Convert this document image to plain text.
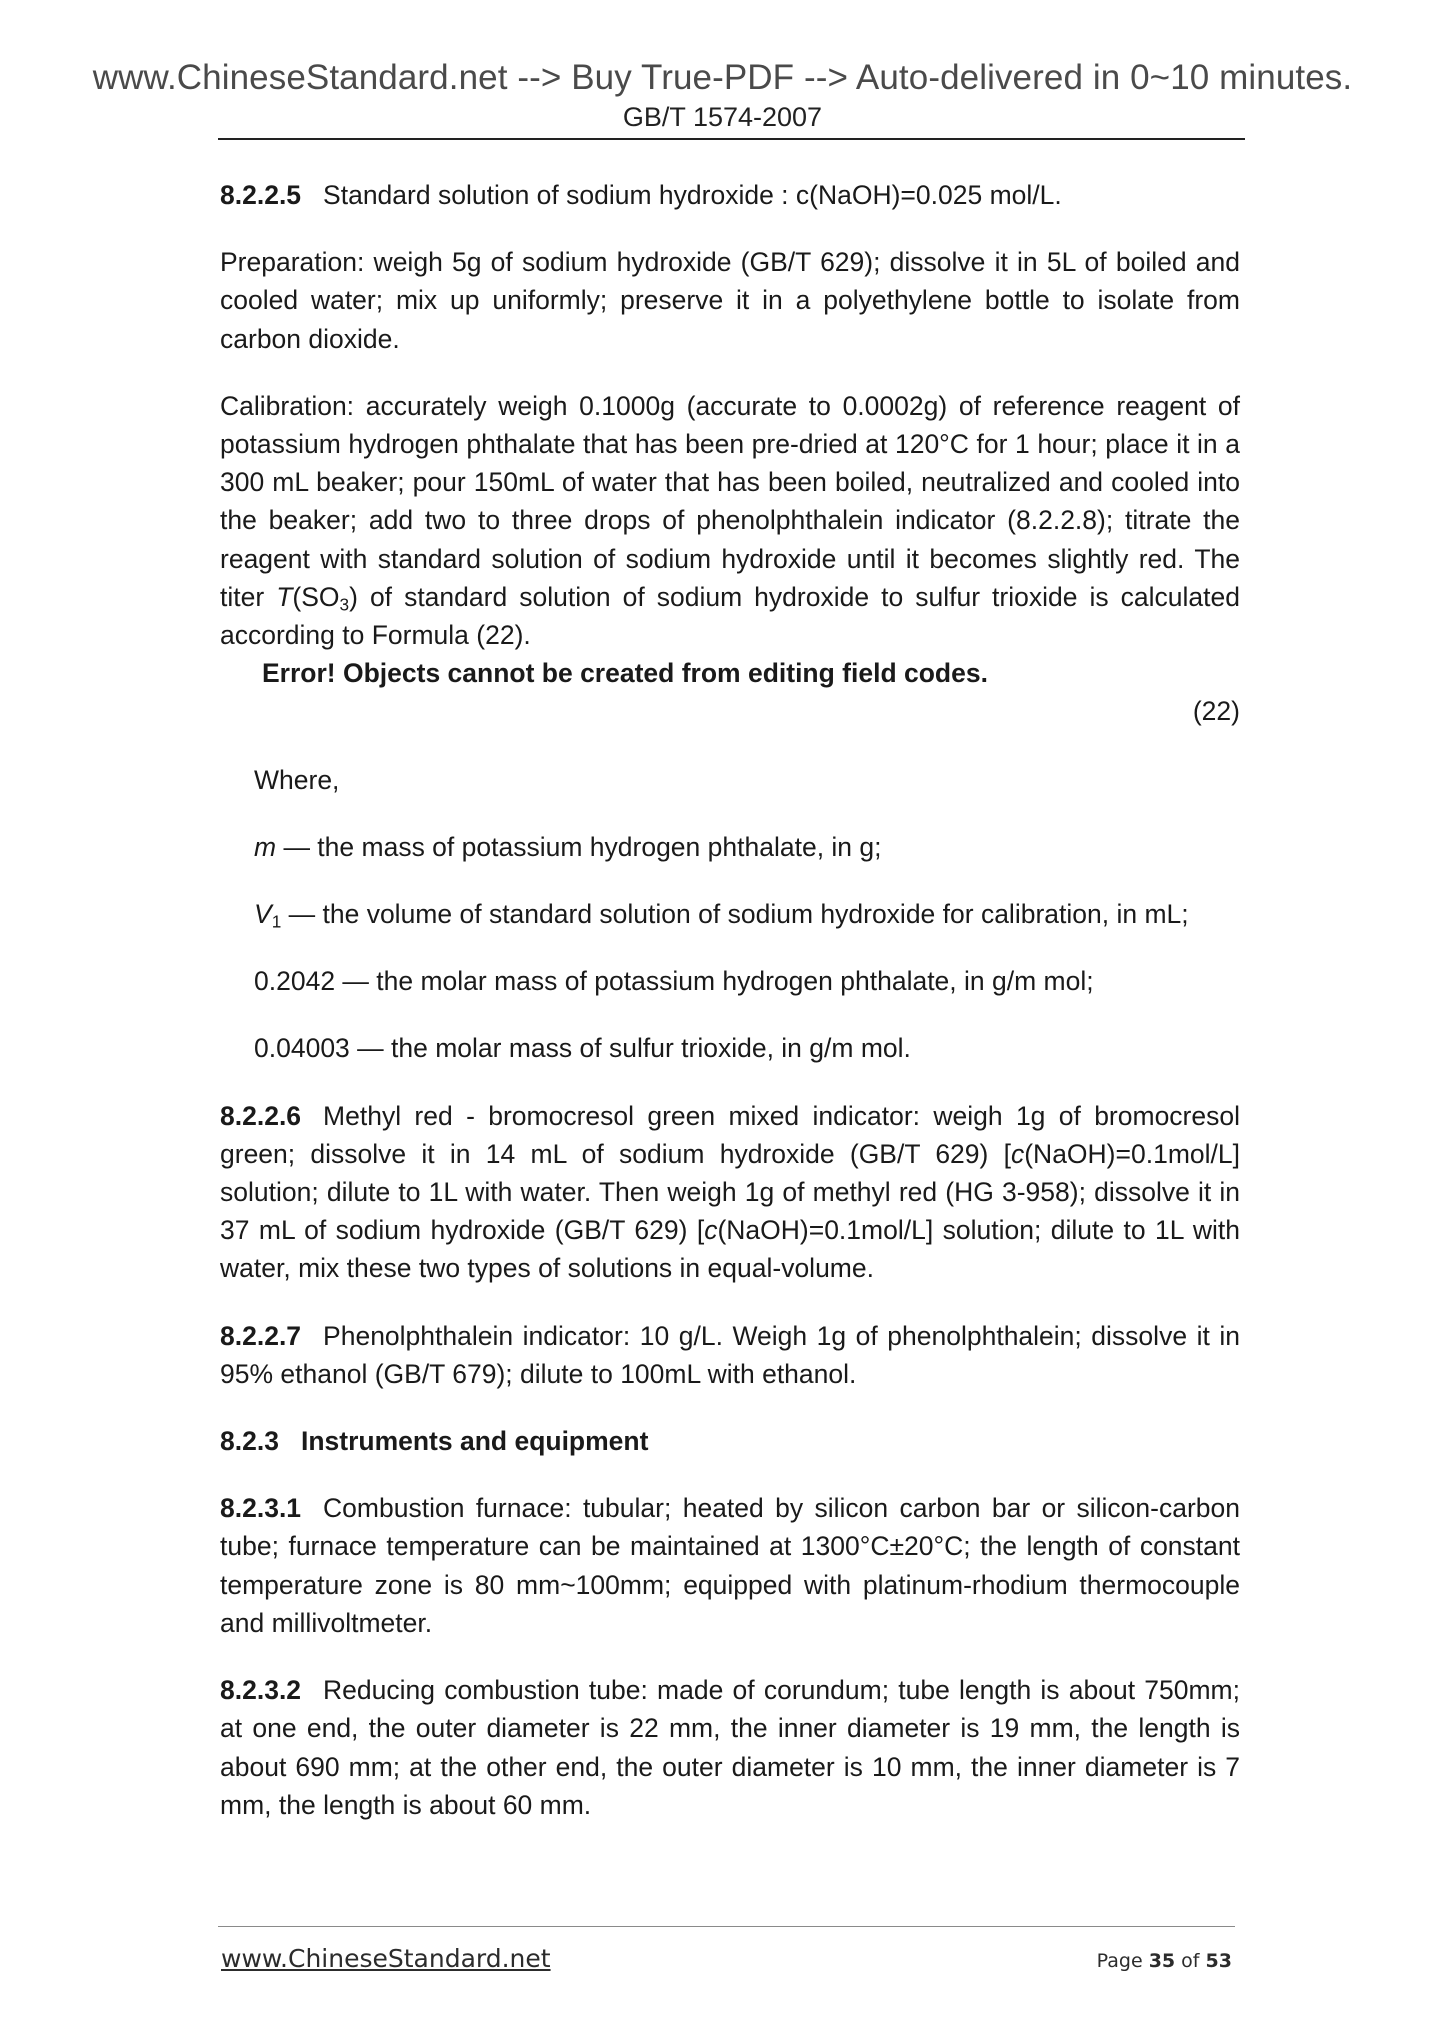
www.ChineseStandard.net --> Buy True-PDF --> Auto-delivered in 0~10 minutes.
GB/T 1574-2007

8.2.2.5 Standard solution of sodium hydroxide : c(NaOH)=0.025 mol/L.

Preparation: weigh 5g of sodium hydroxide (GB/T 629); dissolve it in 5L of boiled and cooled water; mix up uniformly; preserve it in a polyethylene bottle to isolate from carbon dioxide.

Calibration: accurately weigh 0.1000g (accurate to 0.0002g) of reference reagent of potassium hydrogen phthalate that has been pre-dried at 120°C for 1 hour; place it in a 300 mL beaker; pour 150mL of water that has been boiled, neutralized and cooled into the beaker; add two to three drops of phenolphthalein indicator (8.2.2.8); titrate the reagent with standard solution of sodium hydroxide until it becomes slightly red. The titer $T(SO_3)$ of standard solution of sodium hydroxide to sulfur trioxide is calculated according to Formula (22).

Error! Objects cannot be created from editing field codes.

(22)

Where,

m — the mass of potassium hydrogen phthalate, in g;

$V_1$ — the volume of standard solution of sodium hydroxide for calibration, in mL;

0.2042 — the molar mass of potassium hydrogen phthalate, in g/m mol;

0.04003 — the molar mass of sulfur trioxide, in g/m mol.

8.2.2.6 Methyl red - bromocresol green mixed indicator: weigh 1g of bromocresol green; dissolve it in 14 mL of sodium hydroxide (GB/T 629) [c(NaOH)=0.1mol/L] solution; dilute to 1L with water. Then weigh 1g of methyl red (HG 3-958); dissolve it in 37 mL of sodium hydroxide (GB/T 629) [c(NaOH)=0.1mol/L] solution; dilute to 1L with water, mix these two types of solutions in equal-volume.

8.2.2.7 Phenolphthalein indicator: 10 g/L. Weigh 1g of phenolphthalein; dissolve it in 95% ethanol (GB/T 679); dilute to 100mL with ethanol.

8.2.3 Instruments and equipment

8.2.3.1 Combustion furnace: tubular; heated by silicon carbon bar or silicon-carbon tube; furnace temperature can be maintained at 1300°C±20°C; the length of constant temperature zone is 80 mm~100mm; equipped with platinum-rhodium thermocouple and millivoltmeter.

8.2.3.2 Reducing combustion tube: made of corundum; tube length is about 750mm; at one end, the outer diameter is 22 mm, the inner diameter is 19 mm, the length is about 690 mm; at the other end, the outer diameter is 10 mm, the inner diameter is 7 mm, the length is about 60 mm.

www.ChineseStandard.net	Page 35 of 53
